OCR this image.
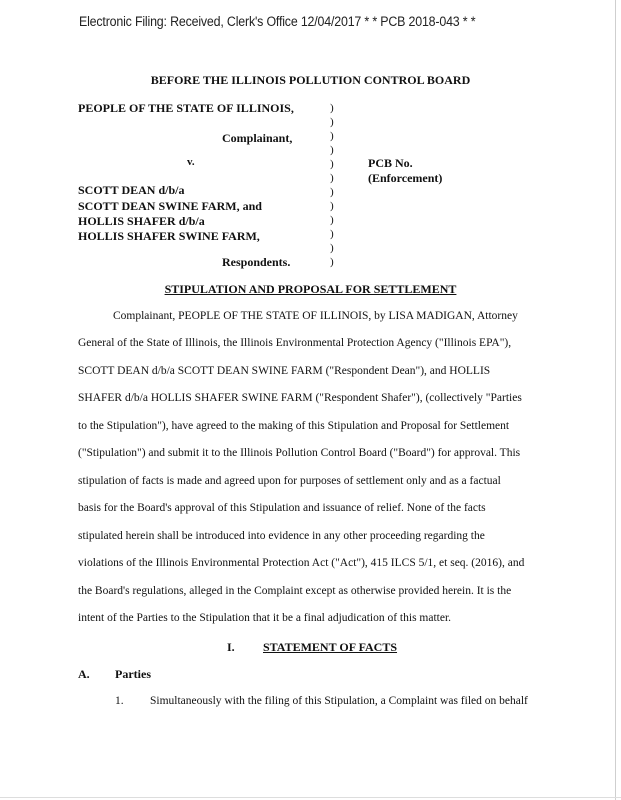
Electronic Filing: Received, Clerk's Office 12/04/2017 * * PCB 2018-043 * *
BEFORE THE ILLINOIS POLLUTION CONTROL BOARD
PEOPLE OF THE STATE OF ILLINOIS,
Complainant,
v.
SCOTT DEAN d/b/a
SCOTT DEAN SWINE FARM, and
HOLLIS SHAFER d/b/a
HOLLIS SHAFER SWINE FARM,
Respondents.
)
)
)
)
)
)
)
)
)
)
)
)
PCB No.
(Enforcement)
STIPULATION AND PROPOSAL FOR SETTLEMENT
Complainant, PEOPLE OF THE STATE OF ILLINOIS, by LISA MADIGAN, Attorney
General of the State of Illinois, the Illinois Environmental Protection Agency ("Illinois EPA"),
SCOTT DEAN d/b/a SCOTT DEAN SWINE FARM ("Respondent Dean"), and HOLLIS
SHAFER d/b/a HOLLIS SHAFER SWINE FARM ("Respondent Shafer"), (collectively "Parties
to the Stipulation"), have agreed to the making of this Stipulation and Proposal for Settlement
("Stipulation") and submit it to the Illinois Pollution Control Board ("Board") for approval. This
stipulation of facts is made and agreed upon for purposes of settlement only and as a factual
basis for the Board's approval of this Stipulation and issuance of relief. None of the facts
stipulated herein shall be introduced into evidence in any other proceeding regarding the
violations of the Illinois Environmental Protection Act ("Act"), 415 ILCS 5/1, et seq. (2016), and
the Board's regulations, alleged in the Complaint except as otherwise provided herein. It is the
intent of the Parties to the Stipulation that it be a final adjudication of this matter.
I. STATEMENT OF FACTS
A. Parties
1. Simultaneously with the filing of this Stipulation, a Complaint was filed on behalf
